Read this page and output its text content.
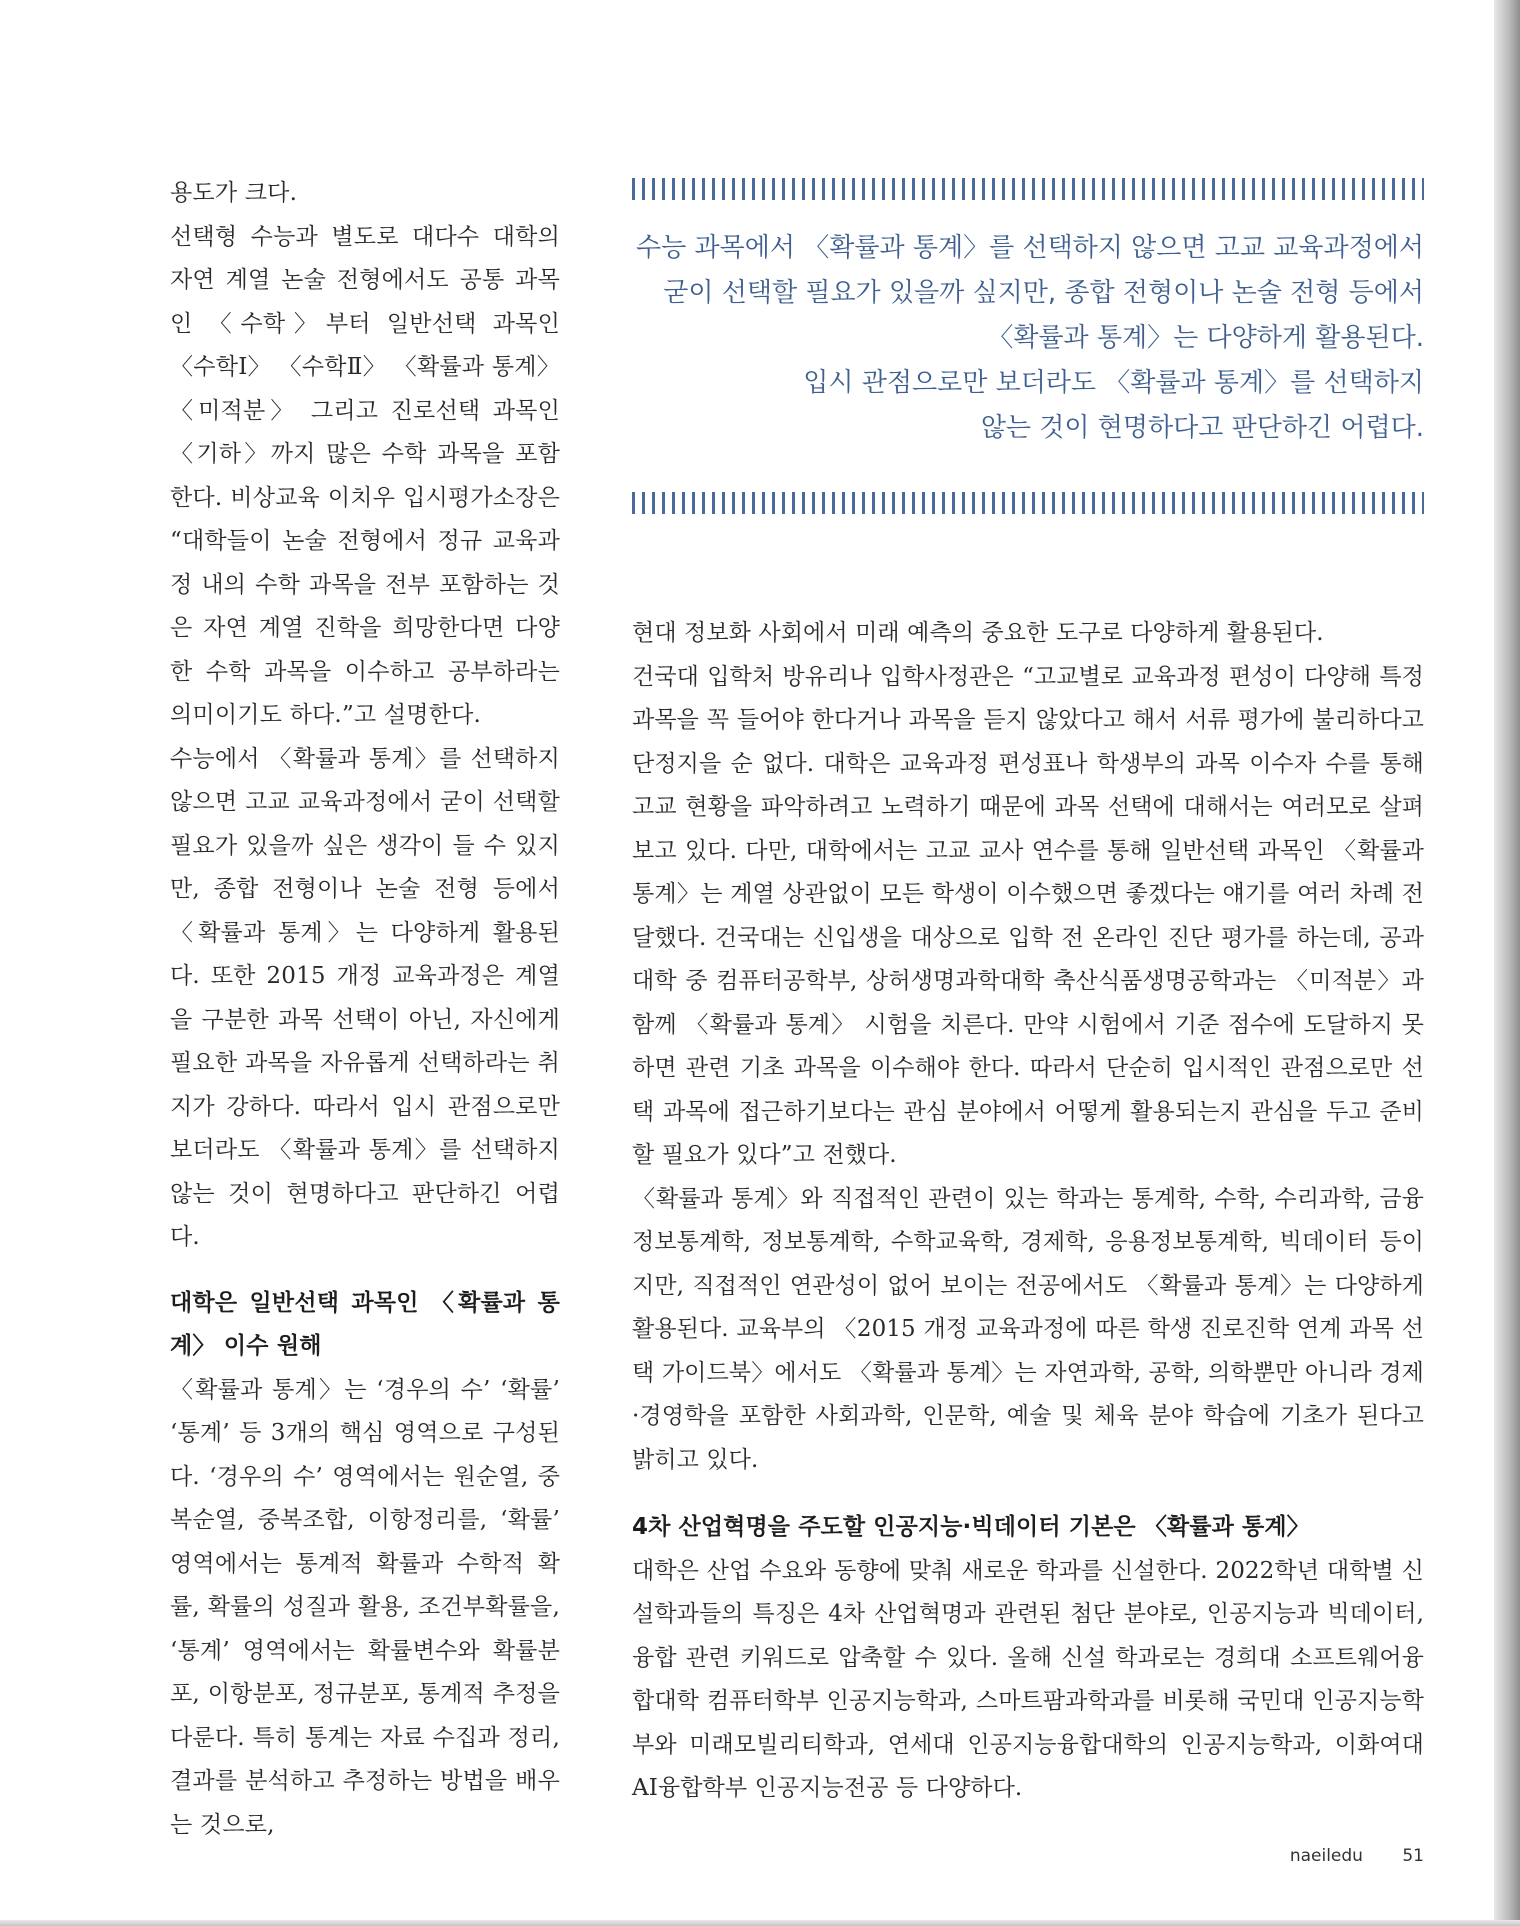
용도가 크다.

선택형 수능과 별도로 대다수 대학의 자연 계열 논술 전형에서도 공통 과목인 〈수학〉부터 일반선택 과목인 〈수학Ⅰ〉 〈수학Ⅱ〉 〈확률과 통계〉 〈미적분〉 그리고 진로선택 과목인 〈기하〉까지 많은 수학 과목을 포함한다. 비상교육 이치우 입시평가소장은 “대학들이 논술 전형에서 정규 교육과정 내의 수학 과목을 전부 포함하는 것은 자연 계열 진학을 희망한다면 다양한 수학 과목을 이수하고 공부하라는 의미이기도 하다.”고 설명한다.

수능에서 〈확률과 통계〉를 선택하지 않으면 고교 교육과정에서 굳이 선택할 필요가 있을까 싶은 생각이 들 수 있지만, 종합 전형이나 논술 전형 등에서 〈확률과 통계〉는 다양하게 활용된다. 또한 2015 개정 교육과정은 계열을 구분한 과목 선택이 아닌, 자신에게 필요한 과목을 자유롭게 선택하라는 취지가 강하다. 따라서 입시 관점으로만 보더라도 〈확률과 통계〉를 선택하지 않는 것이 현명하다고 판단하긴 어렵다.

대학은 일반선택 과목인 〈확률과 통계〉 이수 원해

〈확률과 통계〉는 ‘경우의 수’ ‘확률’ ‘통계’ 등 3개의 핵심 영역으로 구성된다. ‘경우의 수’ 영역에서는 원순열, 중복순열, 중복조합, 이항정리를, ‘확률’ 영역에서는 통계적 확률과 수학적 확률, 확률의 성질과 활용, 조건부확률을, ‘통계’ 영역에서는 확률변수와 확률분포, 이항분포, 정규분포, 통계적 추정을 다룬다. 특히 통계는 자료 수집과 정리, 결과를 분석하고 추정하는 방법을 배우는 것으로,

수능 과목에서 〈확률과 통계〉를 선택하지 않으면 고교 교육과정에서

굳이 선택할 필요가 있을까 싶지만, 종합 전형이나 논술 전형 등에서

〈확률과 통계〉는 다양하게 활용된다.

입시 관점으로만 보더라도 〈확률과 통계〉를 선택하지

않는 것이 현명하다고 판단하긴 어렵다.

현대 정보화 사회에서 미래 예측의 중요한 도구로 다양하게 활용된다.

건국대 입학처 방유리나 입학사정관은 “고교별로 교육과정 편성이 다양해 특정 과목을 꼭 들어야 한다거나 과목을 듣지 않았다고 해서 서류 평가에 불리하다고 단정지을 순 없다. 대학은 교육과정 편성표나 학생부의 과목 이수자 수를 통해 고교 현황을 파악하려고 노력하기 때문에 과목 선택에 대해서는 여러모로 살펴보고 있다. 다만, 대학에서는 고교 교사 연수를 통해 일반선택 과목인 〈확률과 통계〉는 계열 상관없이 모든 학생이 이수했으면 좋겠다는 얘기를 여러 차례 전달했다. 건국대는 신입생을 대상으로 입학 전 온라인 진단 평가를 하는데, 공과대학 중 컴퓨터공학부, 상허생명과학대학 축산식품생명공학과는 〈미적분〉과 함께 〈확률과 통계〉 시험을 치른다. 만약 시험에서 기준 점수에 도달하지 못하면 관련 기초 과목을 이수해야 한다. 따라서 단순히 입시적인 관점으로만 선택 과목에 접근하기보다는 관심 분야에서 어떻게 활용되는지 관심을 두고 준비할 필요가 있다”고 전했다.

〈확률과 통계〉와 직접적인 관련이 있는 학과는 통계학, 수학, 수리과학, 금융정보통계학, 정보통계학, 수학교육학, 경제학, 응용정보통계학, 빅데이터 등이지만, 직접적인 연관성이 없어 보이는 전공에서도 〈확률과 통계〉는 다양하게 활용된다. 교육부의 〈2015 개정 교육과정에 따른 학생 진로진학 연계 과목 선택 가이드북〉에서도 〈확률과 통계〉는 자연과학, 공학, 의학뿐만 아니라 경제·경영학을 포함한 사회과학, 인문학, 예술 및 체육 분야 학습에 기초가 된다고 밝히고 있다.

4차 산업혁명을 주도할 인공지능·빅데이터 기본은 〈확률과 통계〉

대학은 산업 수요와 동향에 맞춰 새로운 학과를 신설한다. 2022학년 대학별 신설학과들의 특징은 4차 산업혁명과 관련된 첨단 분야로, 인공지능과 빅데이터, 융합 관련 키워드로 압축할 수 있다. 올해 신설 학과로는 경희대 소프트웨어융합대학 컴퓨터학부 인공지능학과, 스마트팜과학과를 비롯해 국민대 인공지능학부와 미래모빌리티학과, 연세대 인공지능융합대학의 인공지능학과, 이화여대 AI융합학부 인공지능전공 등 다양하다.

naeiledu 51
